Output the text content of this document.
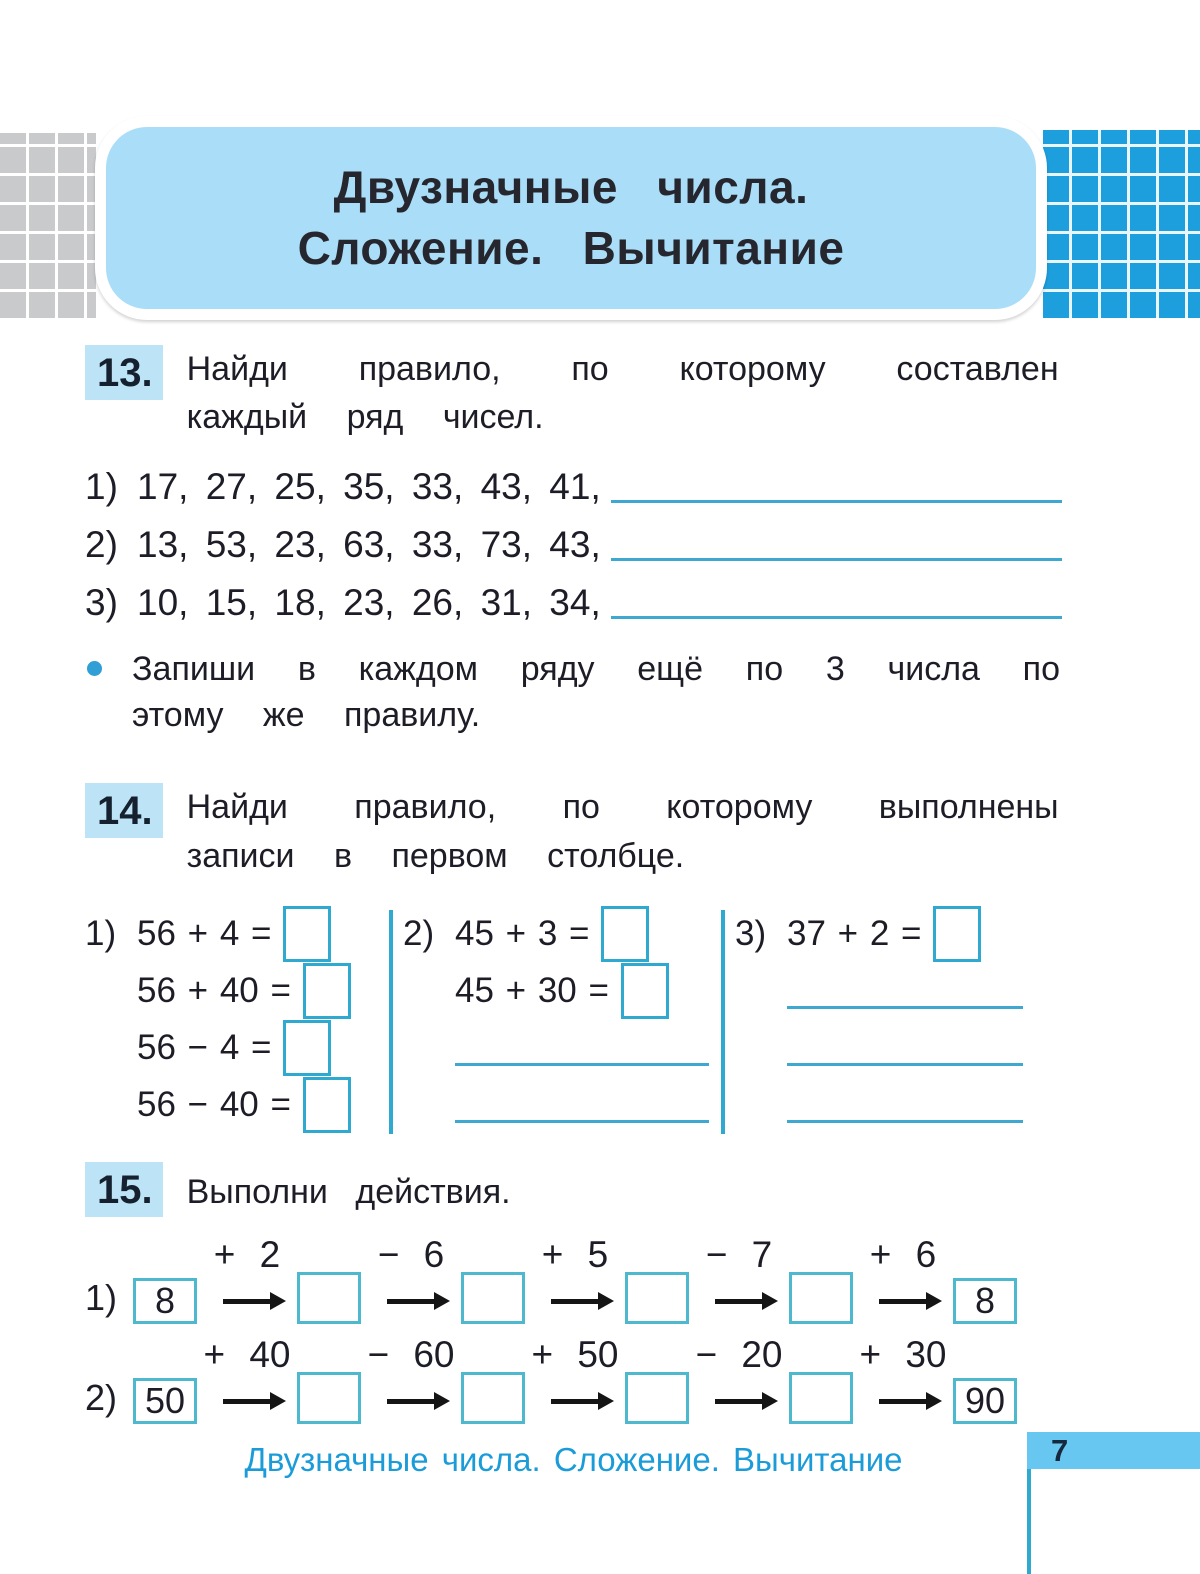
Двузначные числа.
Сложение. Вычитание
13. Найди правило, по которому составлен каждый ряд чисел.
1) 17, 27, 25, 35, 33, 43, 41,
2) 13, 53, 23, 63, 33, 73, 43,
3) 10, 15, 18, 23, 26, 31, 34,
Запиши в каждом ряду ещё по 3 числа по этому же правилу.
14. Найди правило, по которому выполнены записи в первом столбце.
1) 56 + 4 =
56 + 40 =
56 − 4 =
56 − 40 =
2) 45 + 3 =
45 + 30 =
3) 37 + 2 =
15. Выполни действия.
1)	8
+ 2	− 6	+ 5	− 7	+ 6
8
2) 50
+ 40 − 60 + 50 − 20 + 30
90
Двузначные числа. Сложение. Вычитание	7
